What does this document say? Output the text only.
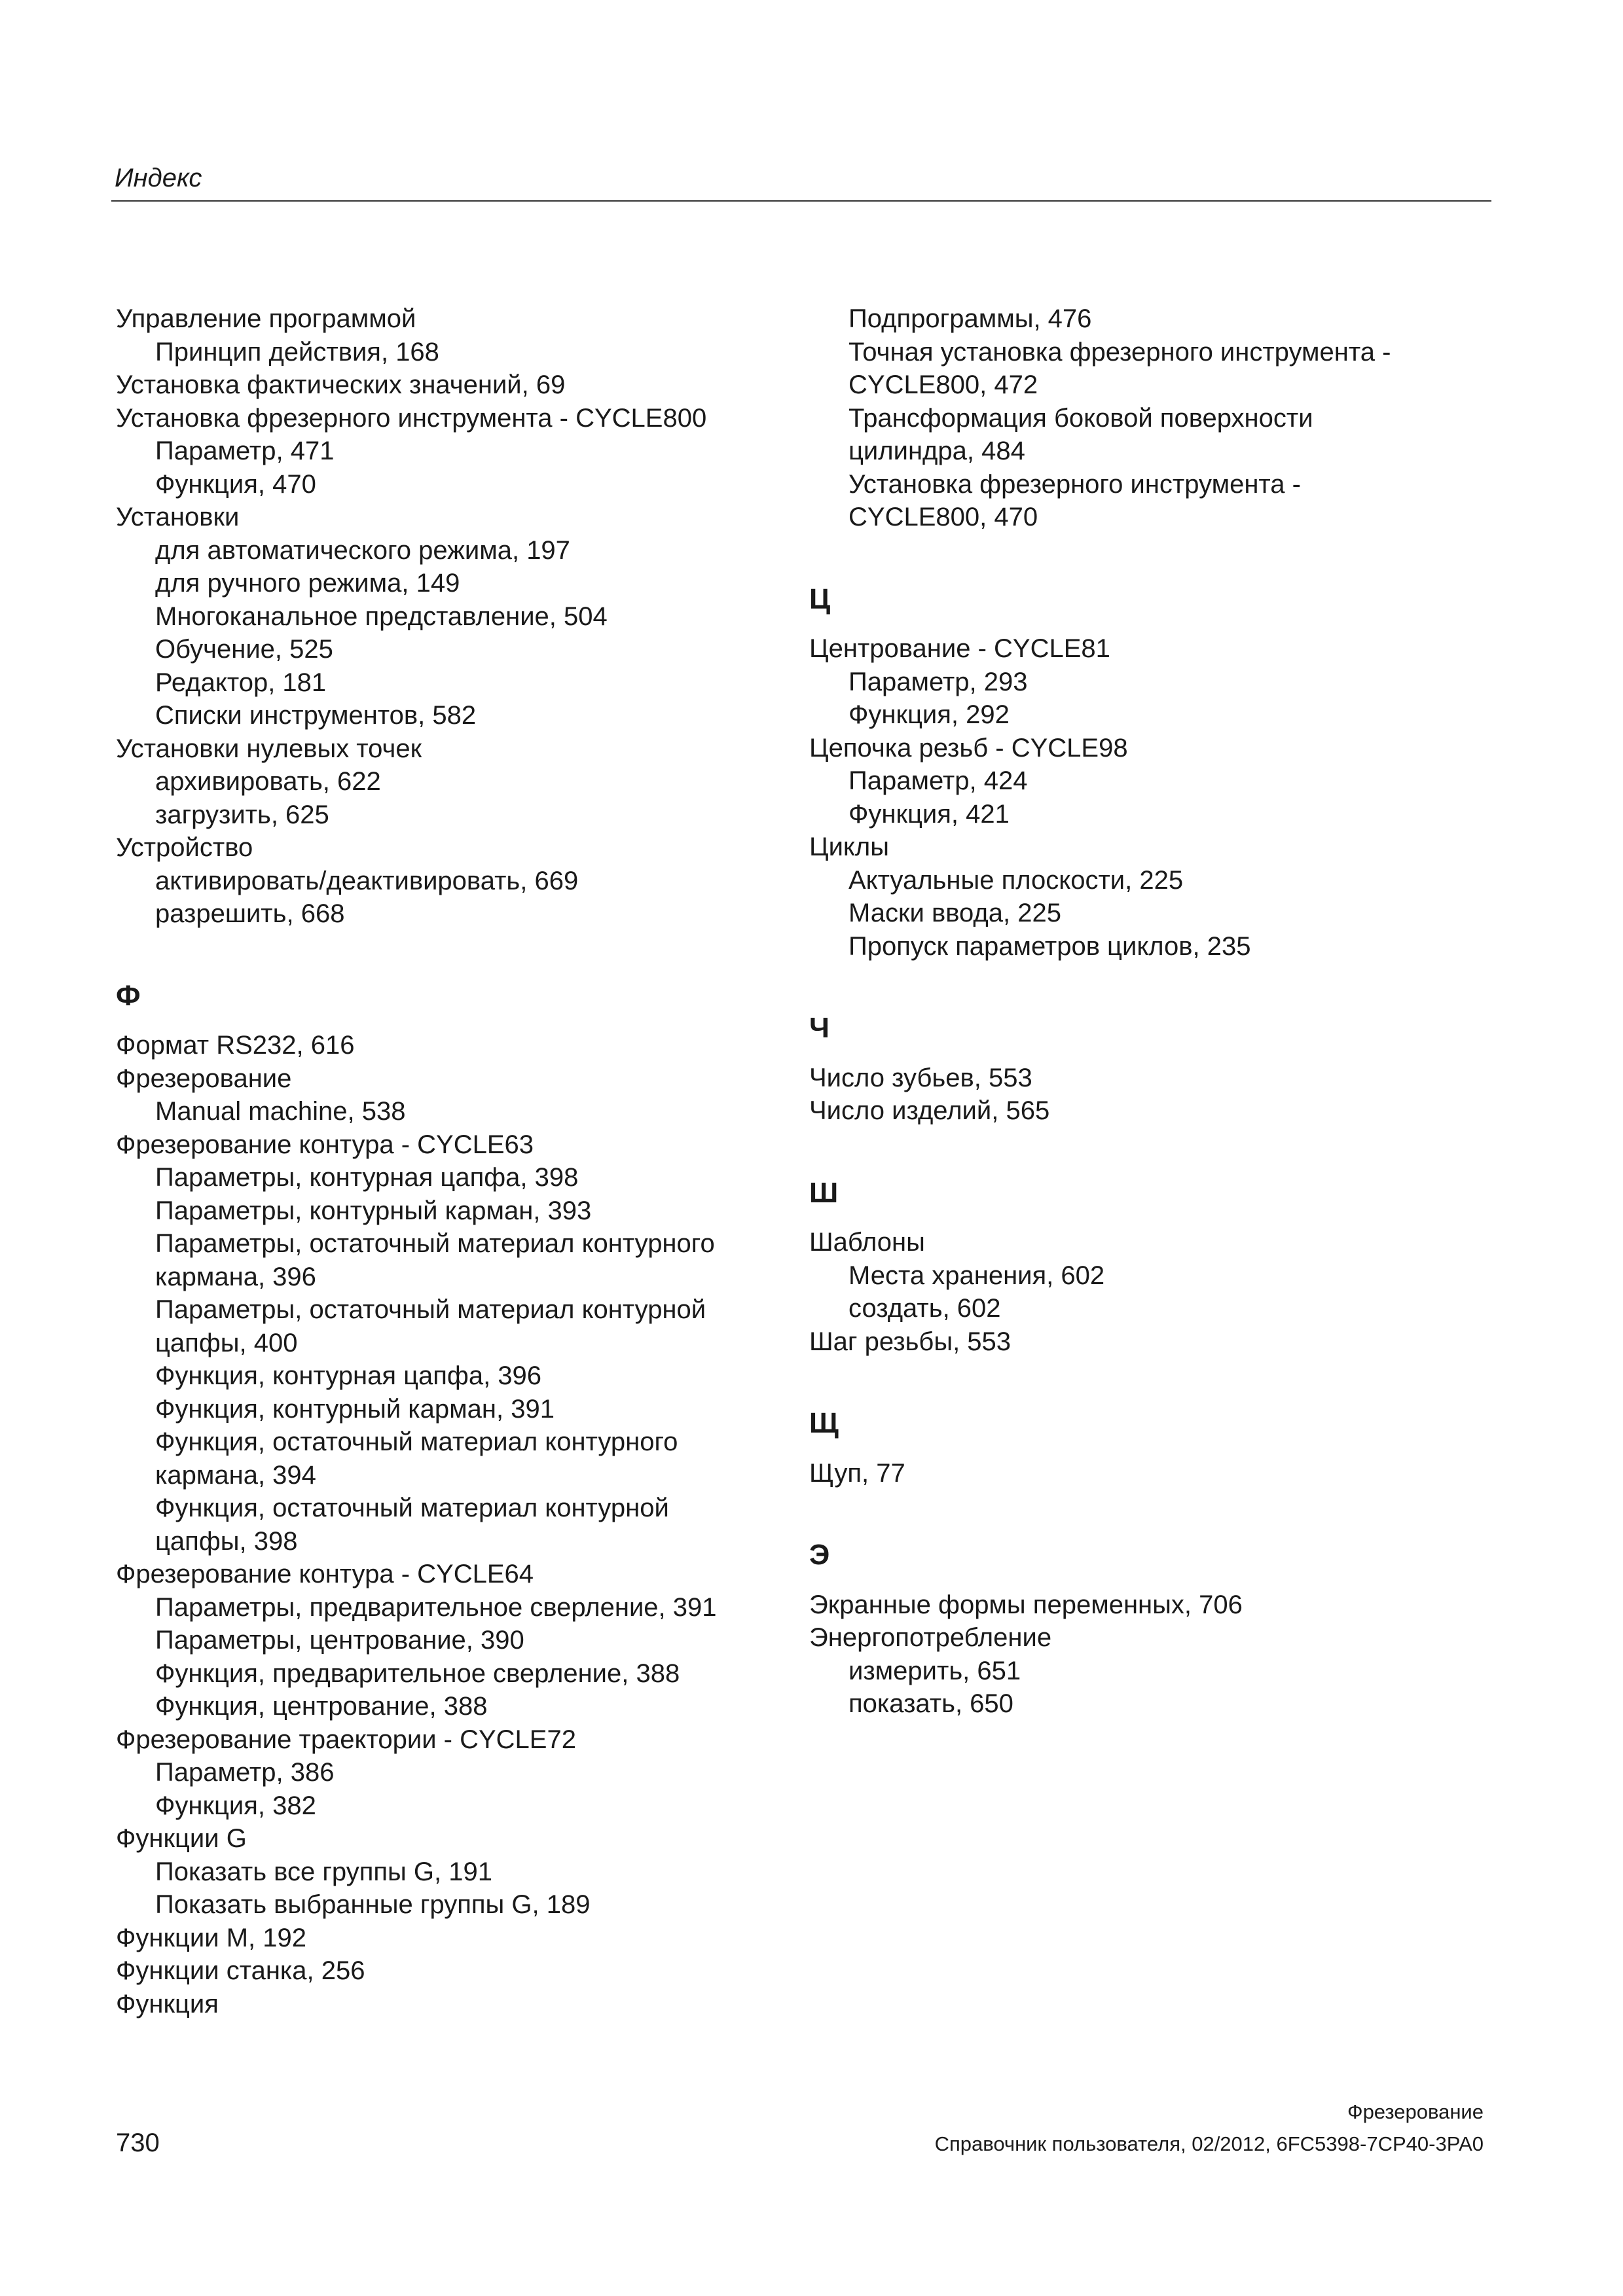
Индекс
Управление программой
Принцип действия, 168
Установка фактических значений, 69
Установка фрезерного инструмента - CYCLE800
Параметр, 471
Функция, 470
Установки
для автоматического режима, 197
для ручного режима, 149
Многоканальное представление, 504
Обучение, 525
Редактор, 181
Списки инструментов, 582
Установки нулевых точек
архивировать, 622
загрузить, 625
Устройство
активировать/деактивировать, 669
разрешить, 668
Ф
Формат RS232, 616
Фрезерование
Manual machine, 538
Фрезерование контура - CYCLE63
Параметры, контурная цапфа, 398
Параметры, контурный карман, 393
Параметры, остаточный материал контурного
кармана, 396
Параметры, остаточный материал контурной
цапфы, 400
Функция, контурная цапфа, 396
Функция, контурный карман, 391
Функция, остаточный материал контурного
кармана, 394
Функция, остаточный материал контурной
цапфы, 398
Фрезерование контура - CYCLE64
Параметры, предварительное сверление, 391
Параметры, центрование, 390
Функция, предварительное сверление, 388
Функция, центрование, 388
Фрезерование траектории - CYCLE72
Параметр, 386
Функция, 382
Функции G
Показать все группы G, 191
Показать выбранные группы G, 189
Функции M, 192
Функции станка, 256
Функция
Подпрограммы, 476
Точная установка фрезерного инструмента -
CYCLE800, 472
Трансформация боковой поверхности
цилиндра, 484
Установка фрезерного инструмента -
CYCLE800, 470
Ц
Центрование - CYCLE81
Параметр, 293
Функция, 292
Цепочка резьб - CYCLE98
Параметр, 424
Функция, 421
Циклы
Актуальные плоскости, 225
Маски ввода, 225
Пропуск параметров циклов, 235
Ч
Число зубьев, 553
Число изделий, 565
Ш
Шаблоны
Места хранения, 602
создать, 602
Шаг резьбы, 553
Щ
Щуп, 77
Э
Экранные формы переменных, 706
Энергопотребление
измерить, 651
показать, 650
730
Фрезерование
Справочник пользователя, 02/2012, 6FC5398-7CP40-3PA0
